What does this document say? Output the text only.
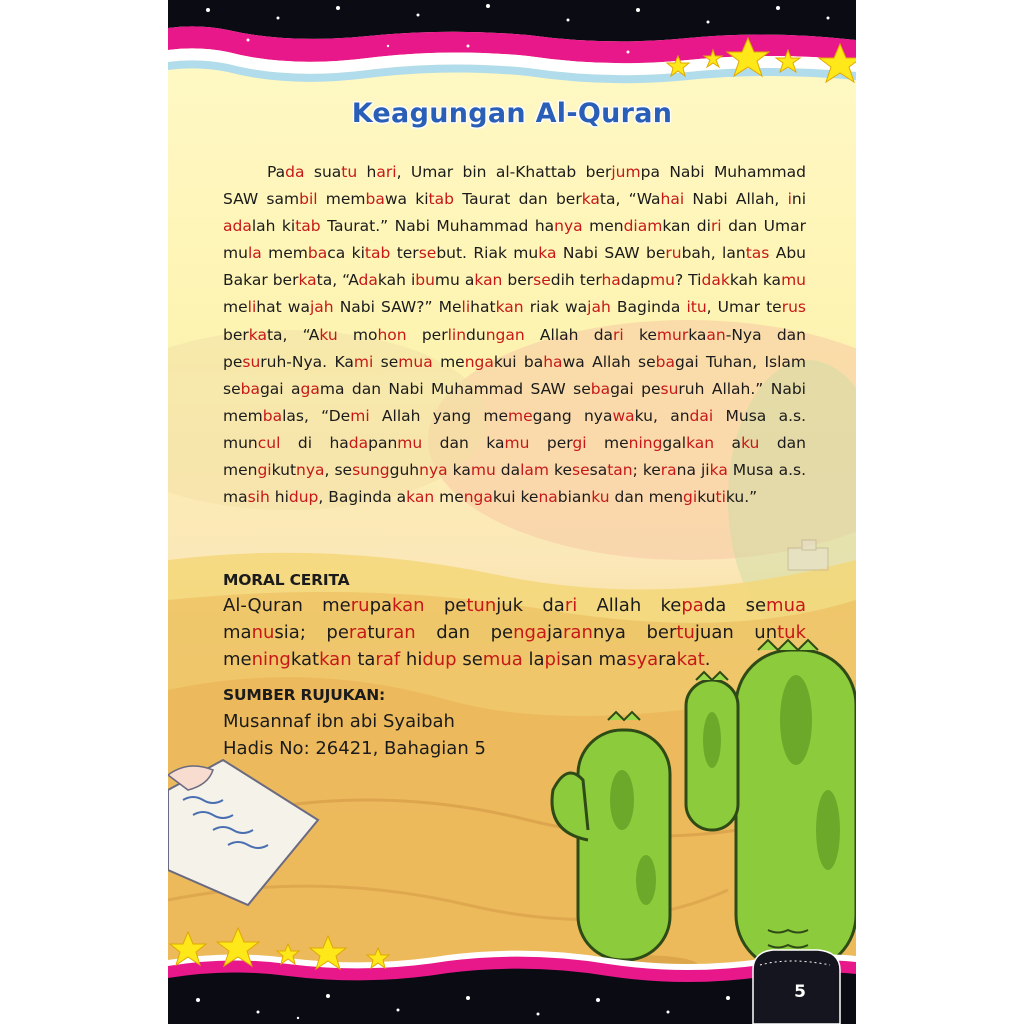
Keagungan Al-Quran

Pada suatu hari, Umar bin al-Khattab berjumpa Nabi Muhammad SAW sambil membawa kitab Taurat dan berkata, “Wahai Nabi Allah, ini adalah kitab Taurat.” Nabi Muhammad hanya mendiamkan diri dan Umar mula membaca kitab tersebut. Riak muka Nabi SAW berubah, lantas Abu Bakar berkata, “Adakah ibumu akan bersedih terhadapmu? Tidakkah kamu melihat wajah Nabi SAW?” Melihatkan riak wajah Baginda itu, Umar terus berkata, “Aku mohon perlindungan Allah dari kemurkaan-Nya dan pesuruh-Nya. Kami semua mengakui bahawa Allah sebagai Tuhan, Islam sebagai agama dan Nabi Muhammad SAW sebagai pesuruh Allah.” Nabi membalas, “Demi Allah yang memegang nyawaku, andai Musa a.s. muncul di hadapanmu dan kamu pergi meninggalkan aku dan mengikutnya, sesungguhnya kamu dalam kesesatan; kerana jika Musa a.s. masih hidup, Baginda akan mengakui kenabianku dan mengikutiku.”

MORAL CERITA
Al-Quran merupakan petunjuk dari Allah kepada semua manusia; peraturan dan pengajarannya bertujuan untuk meningkatkan taraf hidup semua lapisan masyarakat.
SUMBER RUJUKAN:
Musannaf ibn abi Syaibah
Hadis No: 26421, Bahagian 5
5
